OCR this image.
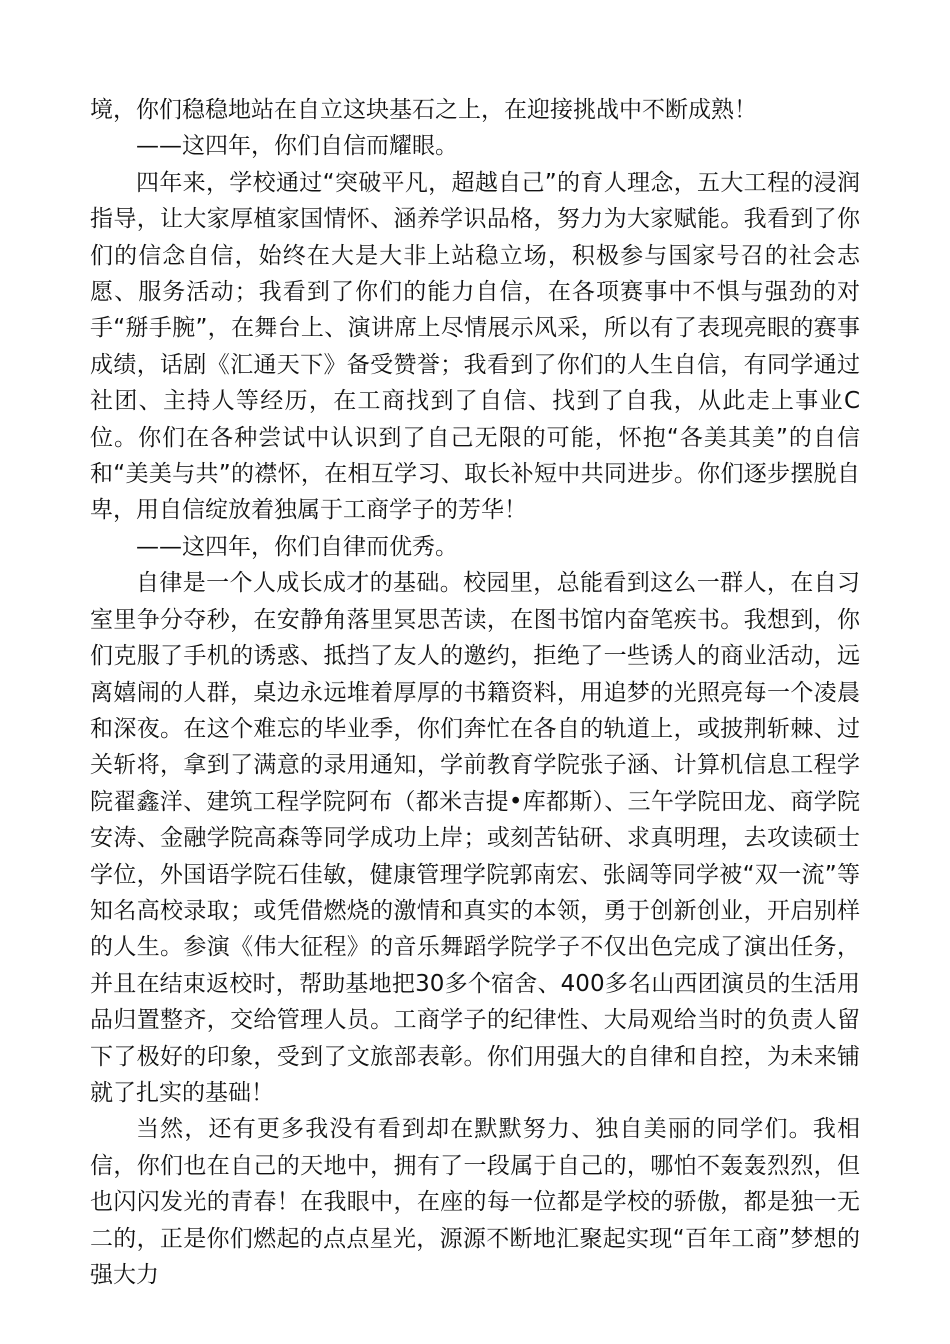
境，你们稳稳地站在自立这块基石之上，在迎接挑战中不断成熟！

——这四年，你们自信而耀眼。

四年来，学校通过“突破平凡，超越自己”的育人理念，五大工程的浸润指导，让大家厚植家国情怀、涵养学识品格，努力为大家赋能。我看到了你们的信念自信，始终在大是大非上站稳立场，积极参与国家号召的社会志愿、服务活动；我看到了你们的能力自信，在各项赛事中不惧与强劲的对手“掰手腕”，在舞台上、演讲席上尽情展示风采，所以有了表现亮眼的赛事成绩，话剧《汇通天下》备受赞誉；我看到了你们的人生自信，有同学通过社团、主持人等经历，在工商找到了自信、找到了自我，从此走上事业C位。你们在各种尝试中认识到了自己无限的可能，怀抱“各美其美”的自信和“美美与共”的襟怀，在相互学习、取长补短中共同进步。你们逐步摆脱自卑，用自信绽放着独属于工商学子的芳华！

——这四年，你们自律而优秀。

自律是一个人成长成才的基础。校园里，总能看到这么一群人，在自习室里争分夺秒，在安静角落里冥思苦读，在图书馆内奋笔疾书。我想到，你们克服了手机的诱惑、抵挡了友人的邀约，拒绝了一些诱人的商业活动，远离嬉闹的人群，桌边永远堆着厚厚的书籍资料，用追梦的光照亮每一个凌晨和深夜。在这个难忘的毕业季，你们奔忙在各自的轨道上，或披荆斩棘、过关斩将，拿到了满意的录用通知，学前教育学院张子涵、计算机信息工程学院翟鑫洋、建筑工程学院阿布（都米吉提•库都斯）、三午学院田龙、商学院安涛、金融学院高森等同学成功上岸；或刻苦钻研、求真明理，去攻读硕士学位，外国语学院石佳敏，健康管理学院郭南宏、张阔等同学被“双一流”等知名高校录取；或凭借燃烧的激情和真实的本领，勇于创新创业，开启别样的人生。参演《伟大征程》的音乐舞蹈学院学子不仅出色完成了演出任务，并且在结束返校时，帮助基地把30多个宿舍、400多名山西团演员的生活用品归置整齐，交给管理人员。工商学子的纪律性、大局观给当时的负责人留下了极好的印象，受到了文旅部表彰。你们用强大的自律和自控，为未来铺就了扎实的基础！

当然，还有更多我没有看到却在默默努力、独自美丽的同学们。我相信，你们也在自己的天地中，拥有了一段属于自己的，哪怕不轰轰烈烈，但也闪闪发光的青春！在我眼中，在座的每一位都是学校的骄傲，都是独一无二的，正是你们燃起的点点星光，源源不断地汇聚起实现“百年工商”梦想的强大力
